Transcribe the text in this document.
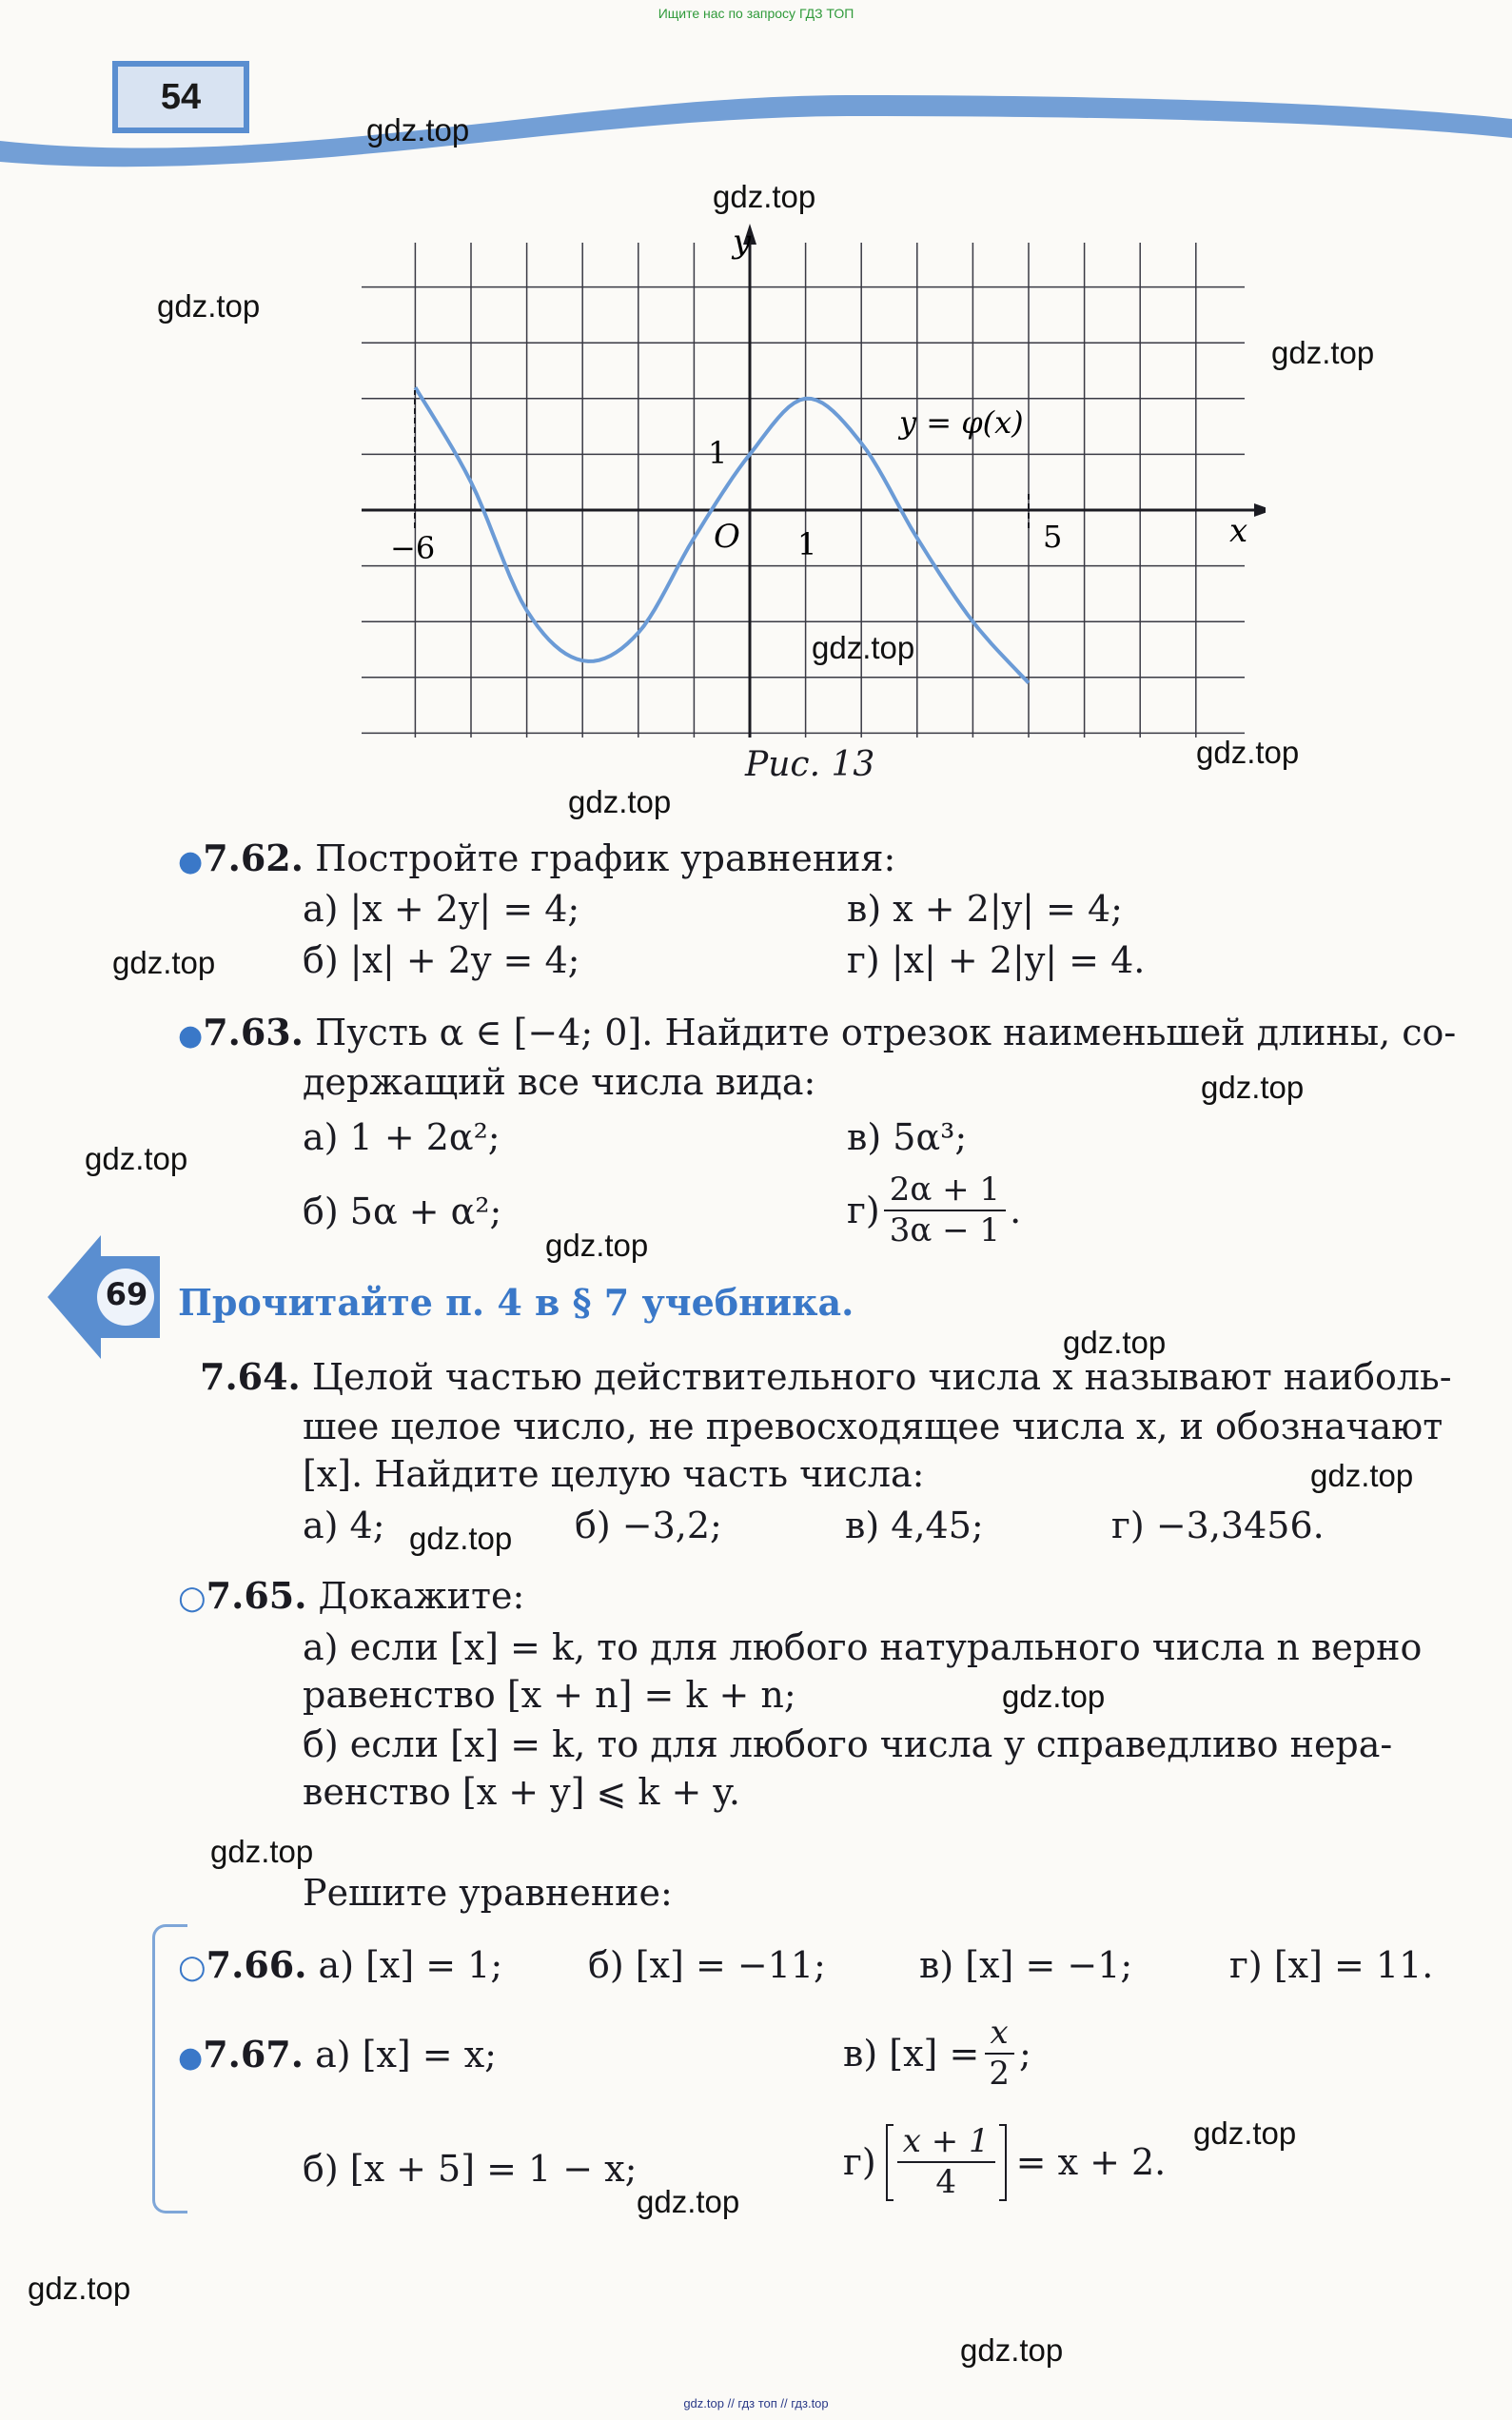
Ищите нас по запросу ГДЗ ТОП
gdz.top // гдз топ // гдз.top
54
y
x
O 1
1
−6	5
y = φ(x)
Рис. 13
●7.62. Постройте график уравнения:
а) |x + 2y| = 4;	в) x + 2|y| = 4;
б) |x| + 2y = 4;	г) |x| + 2|y| = 4.
●7.63. Пусть α ∈ [−4; 0]. Найдите отрезок наименьшей длины, со-
держащий все числа вида:
а) 1 + 2α²;	в) 5α³;
б) 5α + α²;	$г) \frac{2\alpha + 1}{3\alpha - 1}$ .
69 Прочитайте п. 4 в § 7 учебника.
7.64. Целой частью действительного числа x называют наиболь-
шее целое число, не превосходящее числа x, и обозначают
[x]. Найдите целую часть числа:
а) 4;	б) −3,2;	в) 4,45;	г) −3,3456.
○7.65. Докажите:
а) если [x] = k, то для любого натурального числа n верно
равенство [x + n] = k + n;
б) если [x] = k, то для любого числа y справедливо нера-
венство [x + y] ⩽ k + y.
Решите уравнение:
○7.66. а) [x] = 1; б) [x] = −11;	в) [x] = −1;	г) [x] = 11.
●7.67. а) [x] = x;	в) $[x] = \frac{x}{2}$ ;
б) [x + 5] = 1 − x;	$г) \frac{x + 1}{4} = x + 2$.
gdz.top
gdz.top
gdz.top
gdz.top
gdz.top
gdz.top
gdz.top
gdz.top
gdz.top
gdz.top
gdz.top
gdz.top
gdz.top
gdz.top
gdz.top
gdz.top
gdz.top
gdz.top
gdz.top
gdz.top
